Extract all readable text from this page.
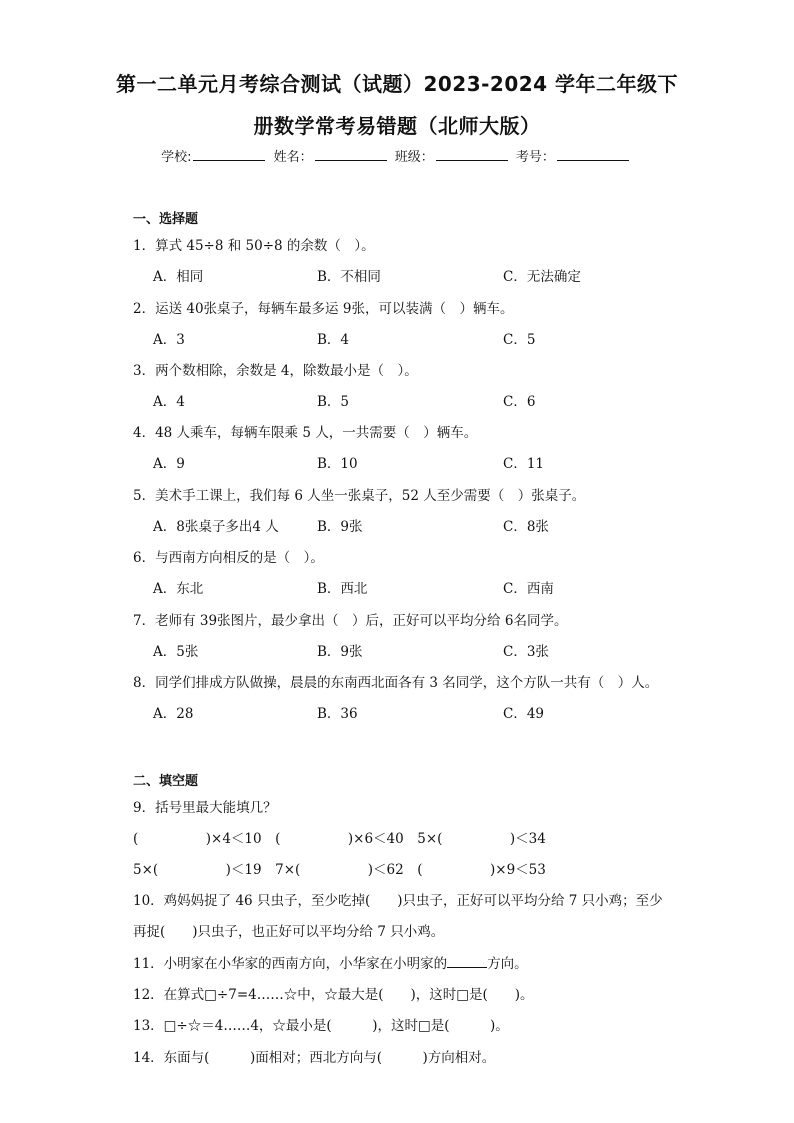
第一二单元月考综合测试（试题）2023-2024 学年二年级下
册数学常考易错题（北师大版）
学校:	姓名：	班级：	考号：
一、选择题
1．算式 45÷8 和 50÷8 的余数（　）。
A．相同	B．不相同	C．无法确定
2．运送 40张桌子，每辆车最多运 9张，可以装满（　）辆车。
A．3	B．4	C．5
3．两个数相除，余数是 4，除数最小是（　）。
A．4	B．5	C．6
4．48 人乘车，每辆车限乘 5 人，一共需要（　）辆车。
A．9	B．10	C．11
5．美术手工课上，我们每 6 人坐一张桌子，52 人至少需要（　）张桌子。
A．8张桌子多出4 人	B．9张	C．8张
6．与西南方向相反的是（　）。
A．东北	B．西北	C．西南
7．老师有 39张图片，最少拿出（　）后，正好可以平均分给 6名同学。
A．5张	B．9张	C．3张
8．同学们排成方队做操，晨晨的东南西北面各有 3 名同学，这个方队一共有（　）人。
A．28	B．36	C．49
二、填空题
9．括号里最大能填几？
(　　　　　)×4＜10　(　　　　　)×6＜40　5×(　　　　　)＜34
5×(　　　　　)＜19　7×(　　　　　)＜62　(　　　　　)×9＜53
10．鸡妈妈捉了 46 只虫子，至少吃掉(　　)只虫子，正好可以平均分给 7 只小鸡；至少
再捉(　　)只虫子，也正好可以平均分给 7 只小鸡。
11．小明家在小华家的西南方向，小华家在小明家的	方向。
12．在算式□÷7=4……☆中，☆最大是(　　)，这时□是(　　)。
13．□÷☆＝4……4，☆最小是(　　　)，这时□是(　　　)。
14．东面与(　　　)面相对；西北方向与(　　　)方向相对。
